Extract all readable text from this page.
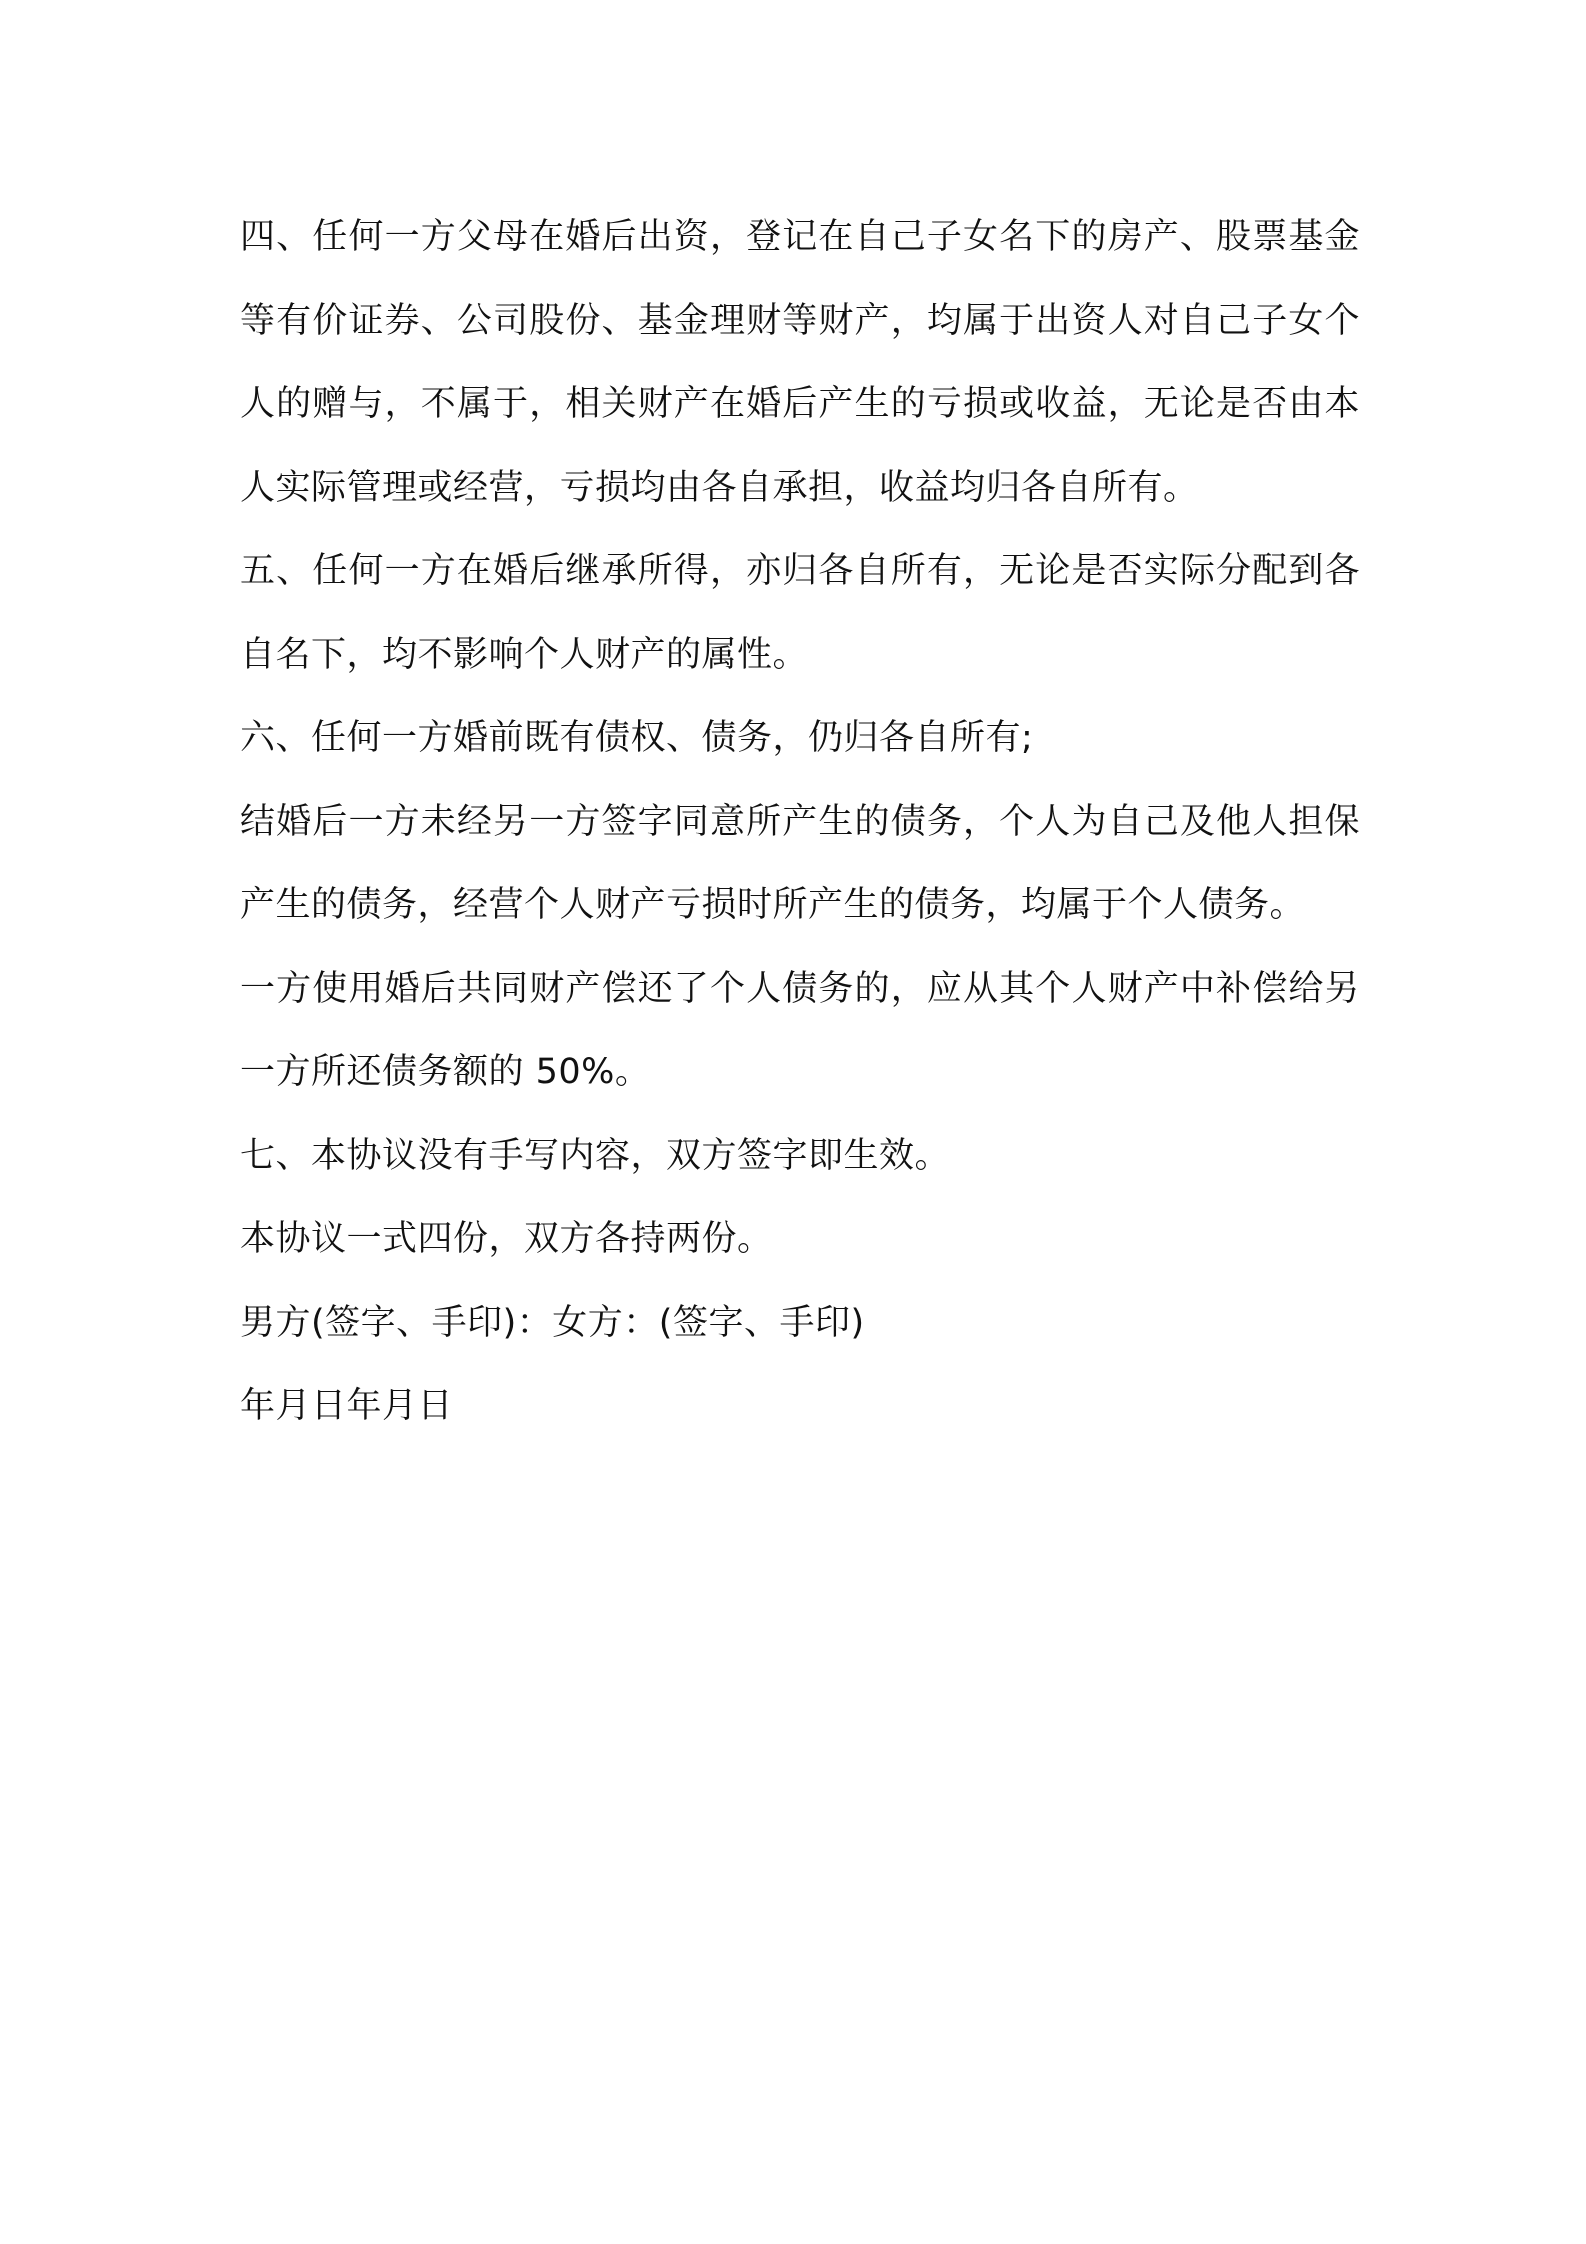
四、任何一方父母在婚后出资，登记在自己子女名下的房产、股票基金等有价证券、公司股份、基金理财等财产，均属于出资人对自己子女个人的赠与，不属于，相关财产在婚后产生的亏损或收益，无论是否由本人实际管理或经营，亏损均由各自承担，收益均归各自所有。

五、任何一方在婚后继承所得，亦归各自所有，无论是否实际分配到各自名下，均不影响个人财产的属性。

六、任何一方婚前既有债权、债务，仍归各自所有;

结婚后一方未经另一方签字同意所产生的债务，个人为自己及他人担保产生的债务，经营个人财产亏损时所产生的债务，均属于个人债务。

一方使用婚后共同财产偿还了个人债务的，应从其个人财产中补偿给另一方所还债务额的 50%。

七、本协议没有手写内容，双方签字即生效。

本协议一式四份，双方各持两份。

男方(签字、手印)：女方：(签字、手印)

年月日年月日
